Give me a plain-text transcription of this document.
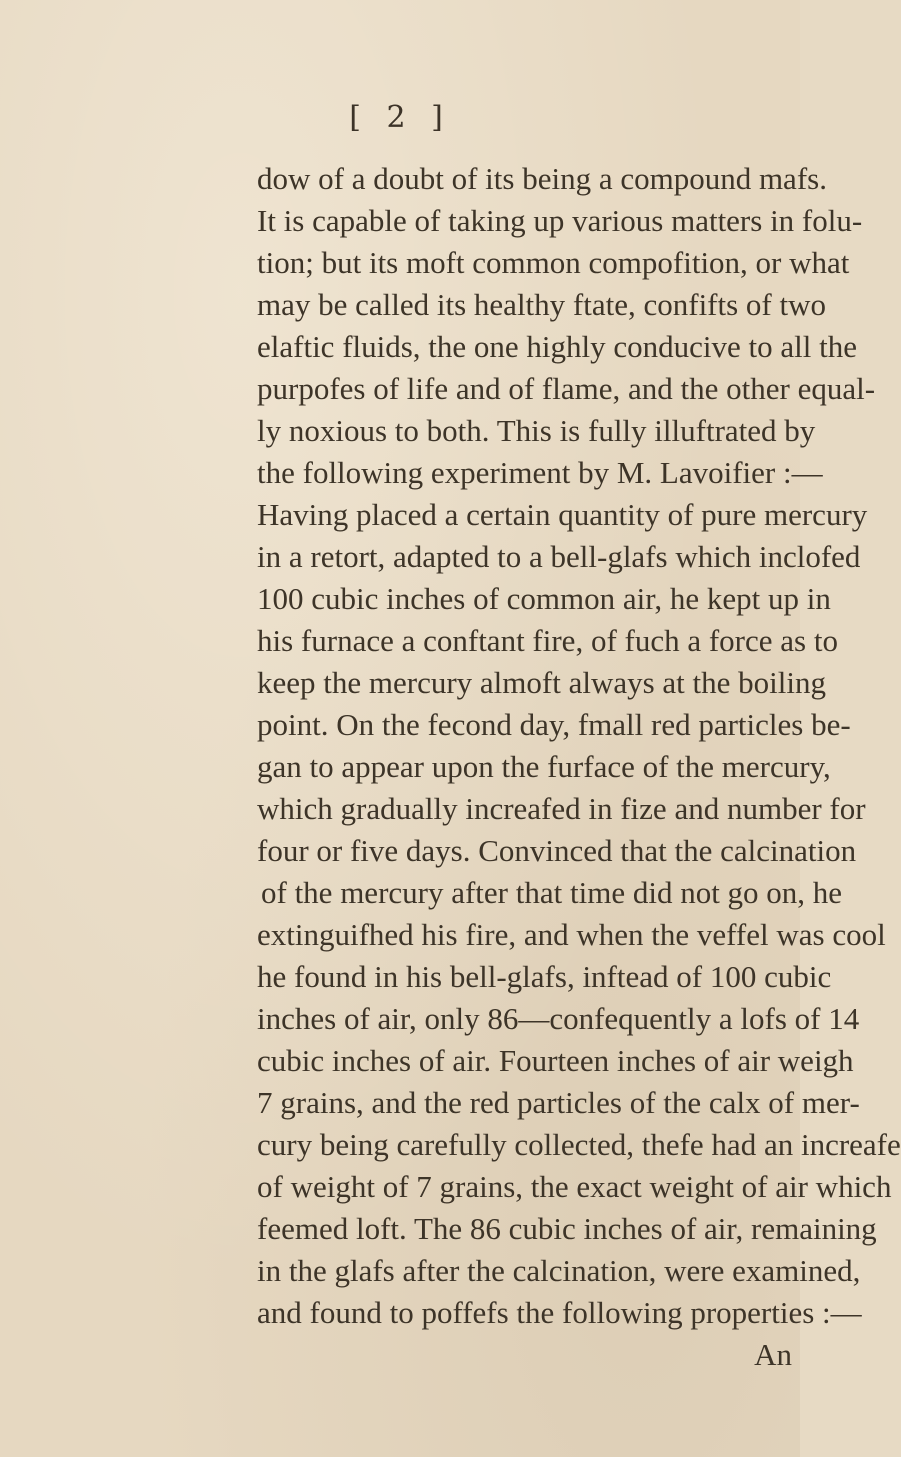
[ 2 ]
dow of a doubt of its being a compound mafs.
It is capable of taking up various matters in folu-
tion; but its moft common compofition, or what
may be called its healthy ftate, confifts of two
elaftic fluids, the one highly conducive to all the
purpofes of life and of flame, and the other equal-
ly noxious to both. This is fully illuftrated by
the following experiment by M. Lavoifier :—
Having placed a certain quantity of pure mercury
in a retort, adapted to a bell-glafs which inclofed
100 cubic inches of common air, he kept up in
his furnace a conftant fire, of fuch a force as to
keep the mercury almoft always at the boiling
point. On the fecond day, fmall red particles be-
gan to appear upon the furface of the mercury,
which gradually increafed in fize and number for
four or five days. Convinced that the calcination
of the mercury after that time did not go on, he
extinguifhed his fire, and when the veffel was cool
he found in his bell-glafs, inftead of 100 cubic
inches of air, only 86—confequently a lofs of 14
cubic inches of air. Fourteen inches of air weigh
7 grains, and the red particles of the calx of mer-
cury being carefully collected, thefe had an increafe
of weight of 7 grains, the exact weight of air which
feemed loft. The 86 cubic inches of air, remaining
in the glafs after the calcination, were examined,
and found to poffefs the following properties :—
An
